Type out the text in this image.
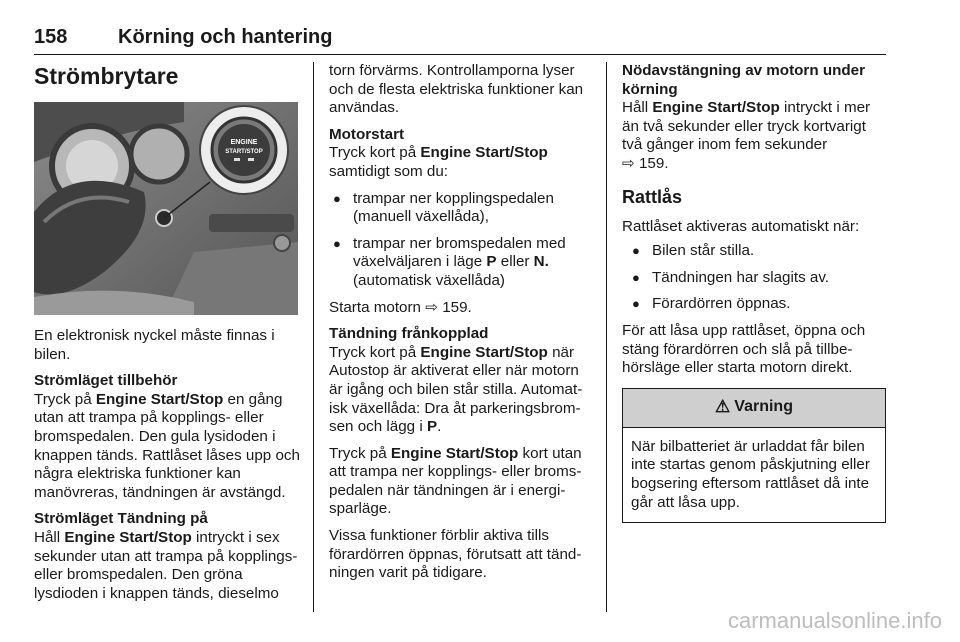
158	Körning och hantering
Strömbrytare
ENGINE
START/STOP

En elektronisk nyckel måste finnas i bilen.

Strömläget tillbehör
Tryck på Engine Start/Stop en gång utan att trampa på kopplings- eller bromspedalen. Den gula lysidoden i knappen tänds. Rattlåset låses upp och några elektriska funktioner kan manövreras, tändningen är avstängd.

Strömläget Tändning på
Håll Engine Start/Stop intryckt i sex sekunder utan att trampa på kopplings- eller bromspedalen. Den gröna lysdioden i knappen tänds, dieselmo

torn förvärms. Kontrollamporna lyser och de flesta elektriska funktioner kan användas.

Motorstart
Tryck kort på Engine Start/Stop samtidigt som du:

● trampar ner kopplingspedalen (manuell växellåda),
● trampar ner bromspedalen med växelväljaren i läge P eller N. (automatisk växellåda)

Starta motorn ⇨ 159.

Tändning frånkopplad
Tryck kort på Engine Start/Stop när Autostop är aktiverat eller när motorn är igång och bilen står stilla. Automatisk växellåda: Dra åt parkeringsbromsen och lägg i P.

Tryck på Engine Start/Stop kort utan att trampa ner kopplings- eller bromspedalen när tändningen är i energisparläge.

Vissa funktioner förblir aktiva tills förardörren öppnas, förutsatt att tändningen varit på tidigare.

Nödavstängning av motorn under körning
Håll Engine Start/Stop intryckt i mer än två sekunder eller tryck kortvarigt två gånger inom fem sekunder
⇨ 159.

Rattlås

Rattlåset aktiveras automatiskt när:

● Bilen står stilla.
● Tändningen har slagits av.
● Förardörren öppnas.

För att låsa upp rattlåset, öppna och stäng förardörren och slå på tillbehörsläge eller starta motorn direkt.

⚠ Varning
När bilbatteriet är urladdat får bilen inte startas genom påskjutning eller bogsering eftersom rattlåset då inte går att låsa upp.
carmanualsonline.info
